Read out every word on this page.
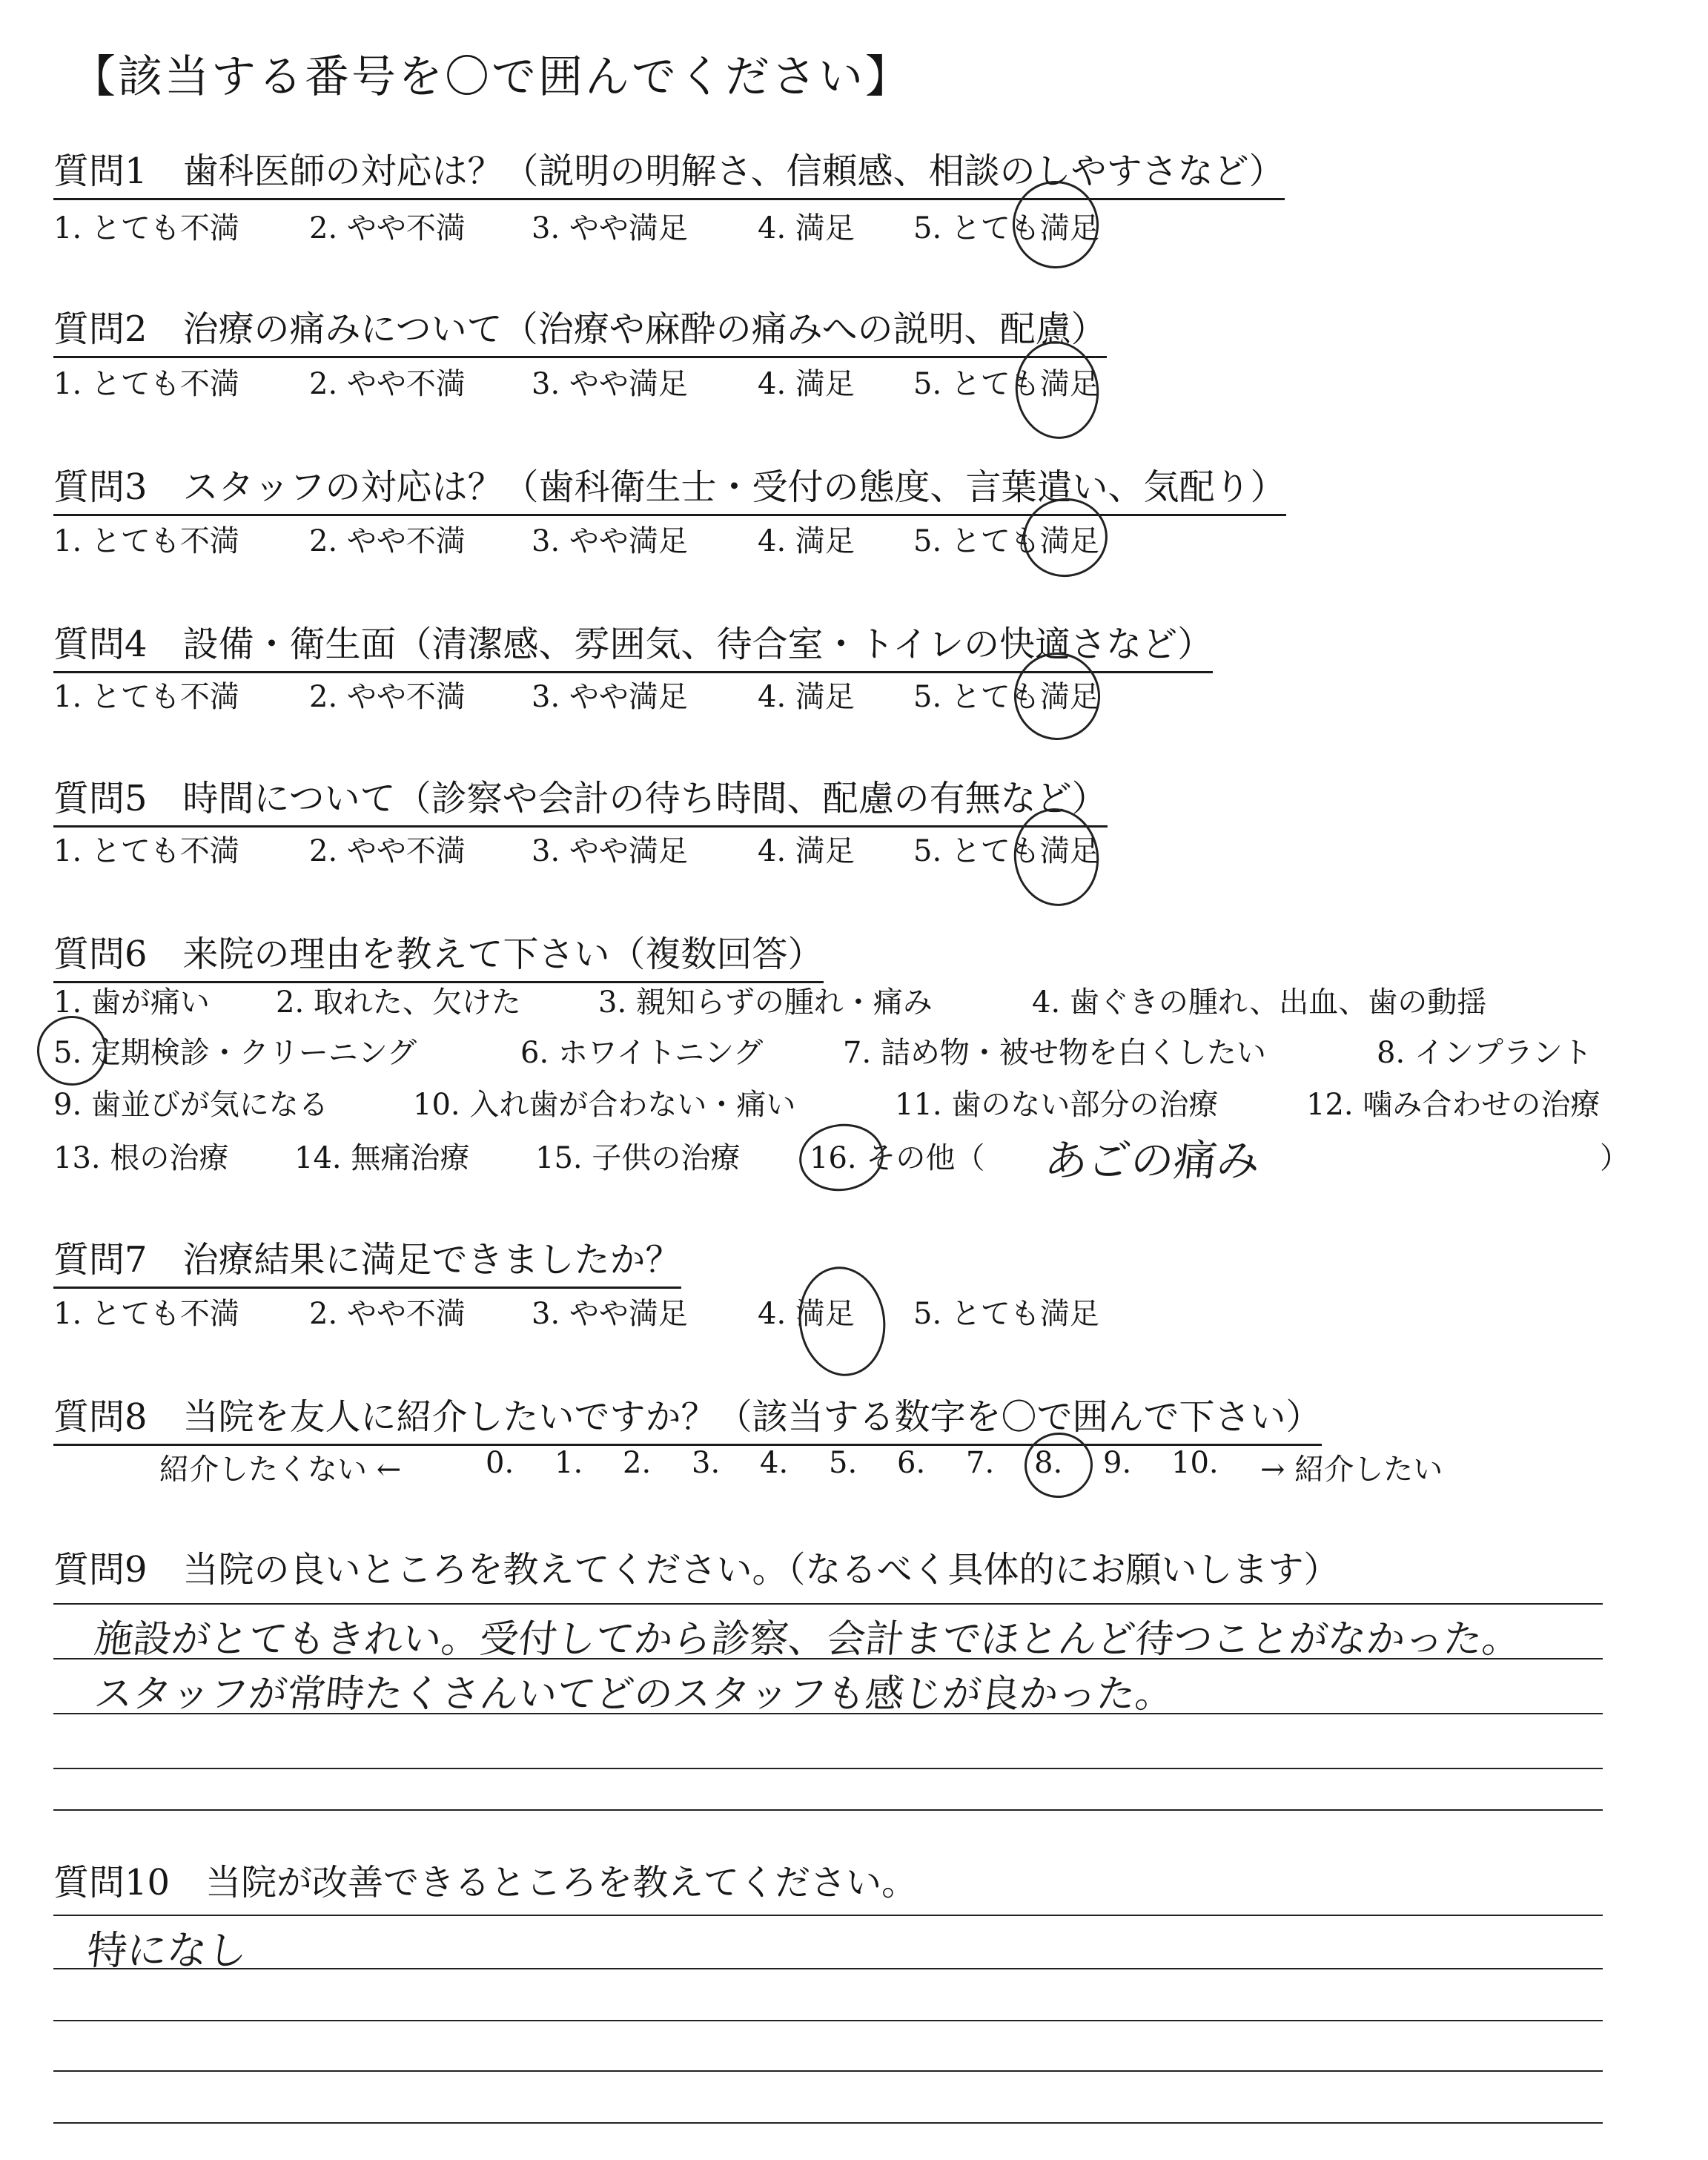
【該当する番号を〇で囲んでください】
質問1　歯科医師の対応は？（説明の明解さ、信頼感、相談のしやすさなど）
1. とても不満 2. やや不満 3. やや満足 4. 満足 5. とても満足
質問2　治療の痛みについて（治療や麻酔の痛みへの説明、配慮）
1. とても不満 2. やや不満 3. やや満足 4. 満足 5. とても満足
質問3　スタッフの対応は？（歯科衛生士・受付の態度、言葉遣い、気配り）
1. とても不満 2. やや不満 3. やや満足 4. 満足 5. とても満足
質問4　設備・衛生面（清潔感、雰囲気、待合室・トイレの快適さなど）
1. とても不満 2. やや不満 3. やや満足 4. 満足 5. とても満足
質問5　時間について（診察や会計の待ち時間、配慮の有無など）
1. とても不満 2. やや不満 3. やや満足 4. 満足 5. とても満足
質問6　来院の理由を教えて下さい（複数回答）
1. 歯が痛い 2. 取れた、欠けた	3. 親知らずの腫れ・痛み	4. 歯ぐきの腫れ、出血、歯の動揺
5. 定期検診・クリーニング	6. ホワイトニング	7. 詰め物・被せ物を白くしたい	8. インプラント
9. 歯並びが気になる	10. 入れ歯が合わない・痛い	11. 歯のない部分の治療	12. 噛み合わせの治療
13. 根の治療 14. 無痛治療 15. 子供の治療 16. その他（	）
あごの痛み
質問7　治療結果に満足できましたか？
1. とても不満 2. やや不満 3. やや満足 4. 満足 5. とても満足
質問8　当院を友人に紹介したいですか？（該当する数字を〇で囲んで下さい）
紹介したくない ←	0. 1. 2. 3. 4. 5. 6. 7. 8. 9. 10. → 紹介したい
質問9　当院の良いところを教えてください。（なるべく具体的にお願いします）
施設がとてもきれい。受付してから診察、会計までほとんど待つことがなかった。
スタッフが常時たくさんいてどのスタッフも感じが良かった。
質問10　当院が改善できるところを教えてください。
特になし
